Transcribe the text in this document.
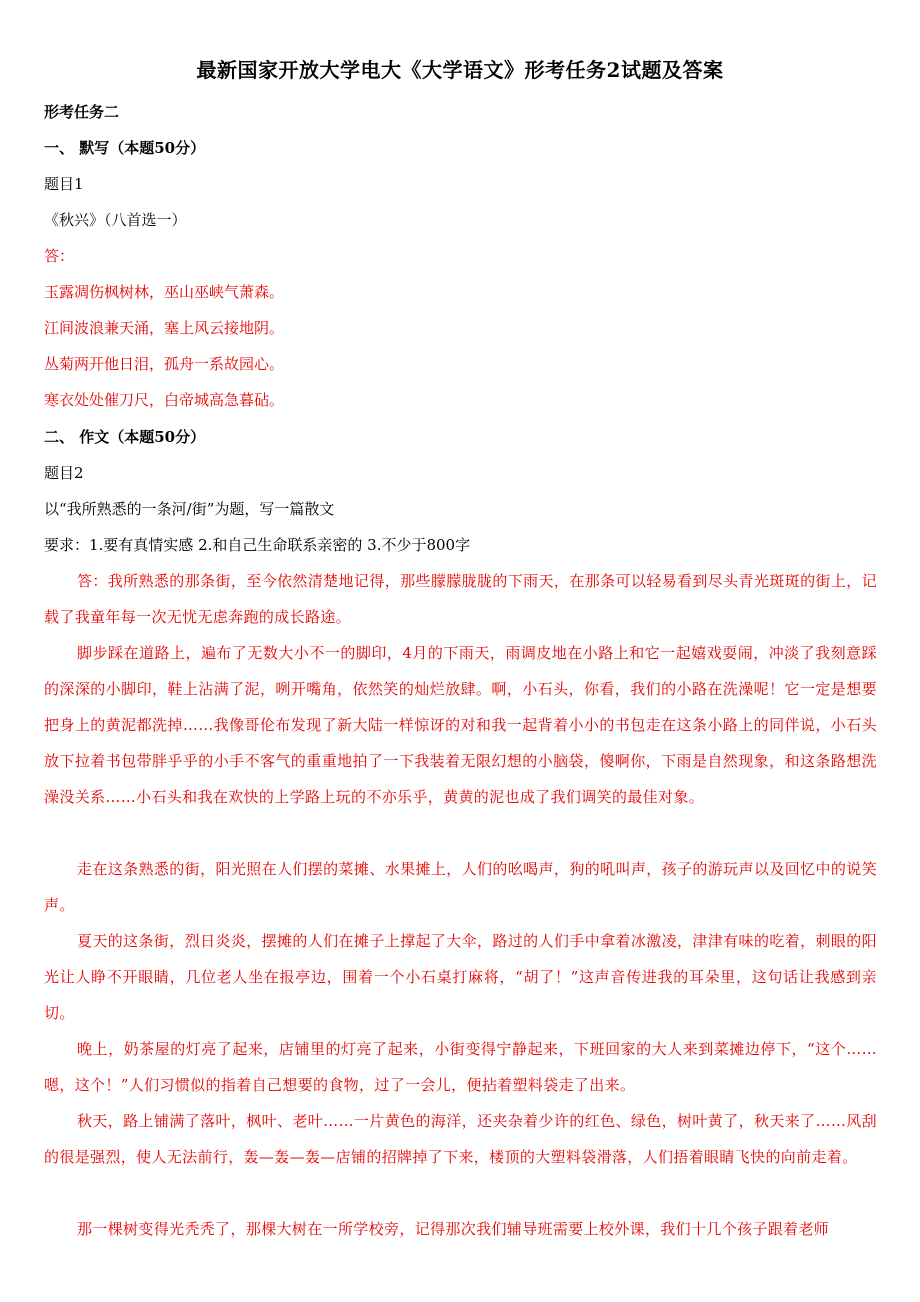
最新国家开放大学电大《大学语文》形考任务2试题及答案
形考任务二
一、 默写（本题50分）
题目1
《秋兴》（八首选一）
答：
玉露凋伤枫树林，巫山巫峡气萧森。
江间波浪兼天涌，塞上风云接地阴。
丛菊两开他日泪，孤舟一系故园心。
寒衣处处催刀尺，白帝城高急暮砧。
二、 作文（本题50分）
题目2
以“我所熟悉的一条河/街”为题，写一篇散文
要求：1.要有真情实感 2.和自己生命联系亲密的 3.不少于800字
答：我所熟悉的那条街，至今依然清楚地记得，那些朦朦胧胧的下雨天，在那条可以轻易看到尽头青光斑斑的街上，记载了我童年每一次无忧无虑奔跑的成长路途。
脚步踩在道路上，遍布了无数大小不一的脚印，4月的下雨天，雨调皮地在小路上和它一起嬉戏耍闹，冲淡了我刻意踩的深深的小脚印，鞋上沾满了泥，咧开嘴角，依然笑的灿烂放肆。啊，小石头，你看，我们的小路在洗澡呢！它一定是想要把身上的黄泥都洗掉……我像哥伦布发现了新大陆一样惊讶的对和我一起背着小小的书包走在这条小路上的同伴说，小石头放下拉着书包带胖乎乎的小手不客气的重重地拍了一下我装着无限幻想的小脑袋，傻啊你，下雨是自然现象，和这条路想洗澡没关系……小石头和我在欢快的上学路上玩的不亦乐乎，黄黄的泥也成了我们调笑的最佳对象。
走在这条熟悉的街，阳光照在人们摆的菜摊、水果摊上，人们的吆喝声，狗的吼叫声，孩子的游玩声以及回忆中的说笑声。
夏天的这条街，烈日炎炎，摆摊的人们在摊子上撑起了大伞，路过的人们手中拿着冰激凌，津津有味的吃着，刺眼的阳光让人睁不开眼睛，几位老人坐在报亭边，围着一个小石桌打麻将，“胡了！”这声音传进我的耳朵里，这句话让我感到亲切。
晚上，奶茶屋的灯亮了起来，店铺里的灯亮了起来，小街变得宁静起来，下班回家的大人来到菜摊边停下，“这个……嗯，这个！”人们习惯似的指着自己想要的食物，过了一会儿，便拈着塑料袋走了出来。
秋天，路上铺满了落叶，枫叶、老叶……一片黄色的海洋，还夹杂着少许的红色、绿色，树叶黄了，秋天来了……风刮的很是强烈，使人无法前行，轰—轰—轰—店铺的招牌掉了下来，楼顶的大塑料袋滑落，人们捂着眼睛飞快的向前走着。
那一棵树变得光秃秃了，那棵大树在一所学校旁，记得那次我们辅导班需要上校外课，我们十几个孩子跟着老师
